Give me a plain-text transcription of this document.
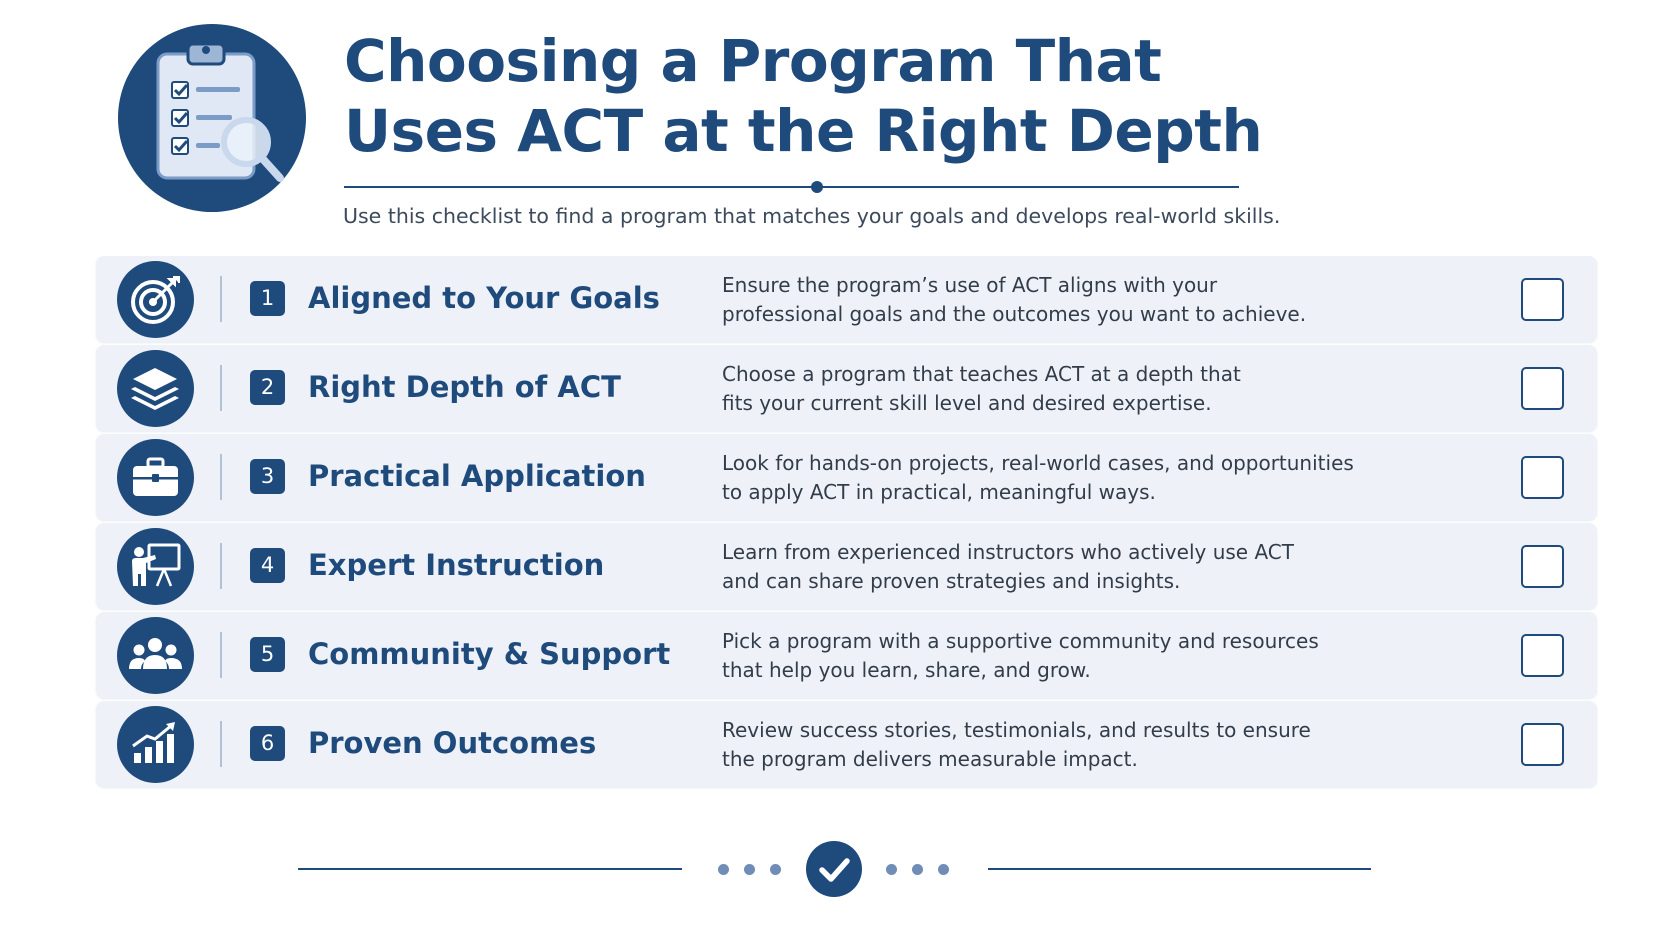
Choosing a Program That
Uses ACT at the Right Depth

Use this checklist to find a program that matches your goals and develops real-world skills.

1	Aligned to Your Goals	Ensure the program’s use of ACT aligns with your
professional goals and the outcomes you want to achieve.
2	Right Depth of ACT	Choose a program that teaches ACT at a depth that
fits your current skill level and desired expertise.
3	Practical Application	Look for hands-on projects, real-world cases, and opportunities
to apply ACT in practical, meaningful ways.
4	Expert Instruction	Learn from experienced instructors who actively use ACT
and can share proven strategies and insights.
5	Community & Support	Pick a program with a supportive community and resources
that help you learn, share, and grow.
6	Proven Outcomes	Review success stories, testimonials, and results to ensure
the program delivers measurable impact.
